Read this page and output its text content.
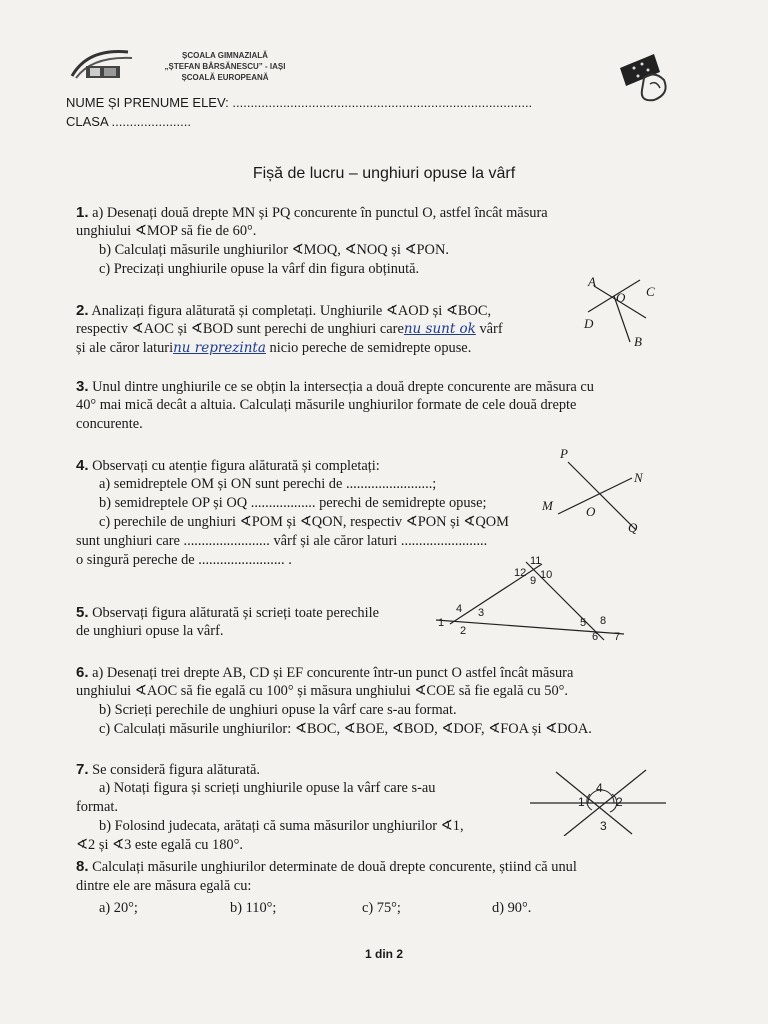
ȘCOALA GIMNAZIALĂ
„ȘTEFAN BÂRSĂNESCU” - IAȘI
ȘCOALĂ EUROPEANĂ
NUME ȘI PRENUME ELEV: ...................................................................................
CLASA ......................
Fișă de lucru – unghiuri opuse la vârf
1. a) Desenați două drepte MN și PQ concurente în punctul O, astfel încât măsura
unghiului ∢MOP să fie de 60°.
b) Calculați măsurile unghiurilor ∢MOQ, ∢NOQ și ∢PON.
c) Precizați unghiurile opuse la vârf din figura obținută.
2. Analizați figura alăturată și completați. Unghiurile ∢AOD și ∢BOC,
respectiv ∢AOC și ∢BOD sunt perechi de unghiuri carenu sunt ok vârf
și ale căror laturinu reprezinta nicio pereche de semidrepte opuse.
A
C
O
D
B
3. Unul dintre unghiurile ce se obțin la intersecția a două drepte concurente are măsura cu
40° mai mică decât a altuia. Calculați măsurile unghiurilor formate de cele două drepte
concurente.
4. Observați cu atenție figura alăturată și completați:
a) semidreptele OM și ON sunt perechi de ........................;
b) semidreptele OP și OQ .................. perechi de semidrepte opuse;
c) perechile de unghiuri ∢POM și ∢QON, respectiv ∢PON și ∢QOM
sunt unghiuri care ........................ vârf și ale căror laturi ........................
o singură pereche de ........................ .
P
N
M	O
Q
5. Observați figura alăturată și scrieți toate perechile
de unghiuri opuse la vârf.	1
2
3
4
5
6 7
8
9 10
11
12
6. a) Desenați trei drepte AB, CD și EF concurente într-un punct O astfel încât măsura
unghiului ∢AOC să fie egală cu 100° și măsura unghiului ∢COE să fie egală cu 50°.
b) Scrieți perechile de unghiuri opuse la vârf care s-au format.
c) Calculați măsurile unghiurilor: ∢BOC, ∢BOE, ∢BOD, ∢DOF, ∢FOA și ∢DOA.
7. Se consideră figura alăturată.
a) Notați figura și scrieți unghiurile opuse la vârf care s-au
format.
b) Folosind judecata, arătați că suma măsurilor unghiurilor ∢1,
∢2 și ∢3 este egală cu 180°.
1	2
3
4
8. Calculați măsurile unghiurilor determinate de două drepte concurente, știind că unul
dintre ele are măsura egală cu:
a) 20°;	b) 110°;	c) 75°;	d) 90°.
1 din 2
